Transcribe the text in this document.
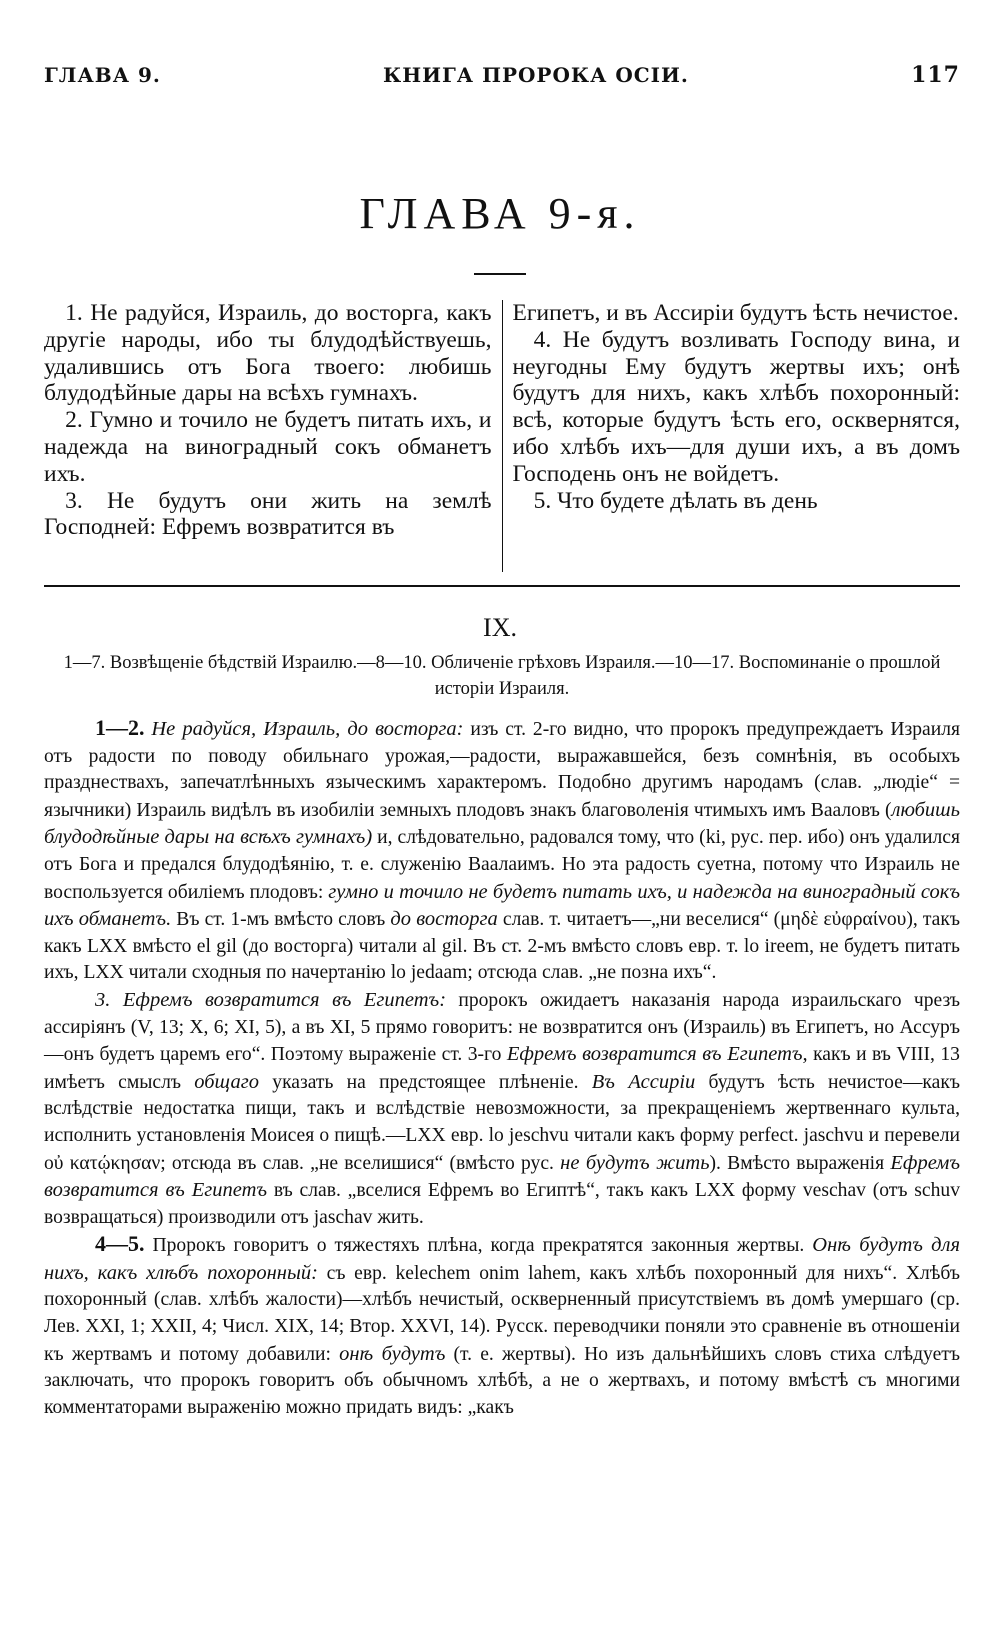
ГЛАВА 9.	КНИГА ПРОРОКА ОСІИ.	117
ГЛАВА 9-я.

1. Не радуйся, Израиль, до восторга, какъ другіе народы, ибо ты блудодѣйствуешь, удалившись отъ Бога твоего: любишь блудодѣйные дары на всѣхъ гумнахъ.

2. Гумно и точило не будетъ питать ихъ, и надежда на виноградный сокъ обманетъ ихъ.

3. Не будутъ они жить на землѣ Господней: Ефремъ возвратится въ

Египетъ, и въ Ассиріи будутъ ѣсть нечистое.

4. Не будутъ возливать Господу вина, и неугодны Ему будутъ жертвы ихъ; онѣ будутъ для нихъ, какъ хлѣбъ похоронный: всѣ, которые будутъ ѣсть его, осквернятся, ибо хлѣбъ ихъ—для души ихъ, а въ домъ Господень онъ не войдетъ.

5. Что будете дѣлать въ день

IX.
1—7. Возвѣщеніе бѣдствій Израилю.—8—10. Обличеніе грѣховъ Израиля.—10—17. Воспоминаніе о прошлой исторіи Израиля.

1—2. Не радуйся, Израиль, до восторга: изъ ст. 2-го видно, что пророкъ предупреждаетъ Израиля отъ радости по поводу обильнаго урожая,—радости, выражавшейся, безъ сомнѣнія, въ особыхъ празднествахъ, запечатлѣнныхъ языческимъ характеромъ. Подобно другимъ народамъ (слав. „людіе“ = язычники) Израиль видѣлъ въ изобиліи земныхъ плодовъ знакъ благоволенія чтимыхъ имъ Вааловъ (любишь блудодѣйные дары на всѣхъ гумнахъ) и, слѣдовательно, радовался тому, что (ki, рус. пер. ибо) онъ удалился отъ Бога и предался блудодѣянію, т. е. служенію Ваалаимъ. Но эта радость суетна, потому что Израиль не воспользуется обиліемъ плодовъ: гумно и точило не будетъ питать ихъ, и надежда на виноградный сокъ ихъ обманетъ. Въ ст. 1-мъ вмѣсто словъ до восторга слав. т. читаетъ—„ни веселися“ (μηδὲ εὐφραίνου), такъ какъ LXX вмѣсто el gil (до восторга) читали al gil. Въ ст. 2-мъ вмѣсто словъ евр. т. lo ireem, не будетъ питать ихъ, LXX читали сходныя по начертанію lo jedaam; отсюда слав. „не позна ихъ“.

3. Ефремъ возвратится въ Египетъ: пророкъ ожидаетъ наказанія народа израильскаго чрезъ ассиріянъ (V, 13; X, 6; XI, 5), а въ XI, 5 прямо говоритъ: не возвратится онъ (Израиль) въ Египетъ, но Ассуръ—онъ будетъ царемъ его“. Поэтому выраженіе ст. 3-го Ефремъ возвратится въ Египетъ, какъ и въ VIII, 13 имѣетъ смыслъ общаго указать на предстоящее плѣненіе. Въ Ассиріи будутъ ѣсть нечистое—какъ вслѣдствіе недостатка пищи, такъ и вслѣдствіе невозможности, за прекращеніемъ жертвеннаго культа, исполнить установленія Моисея о пищѣ.—LXX евр. lo jeschvu читали какъ форму perfect. jaschvu и перевели οὐ κατῴκησαν; отсюда въ слав. „не вселишися“ (вмѣсто рус. не будутъ жить). Вмѣсто выраженія Ефремъ возвратится въ Египетъ въ слав. „вселися Ефремъ во Египтѣ“, такъ какъ LXX форму veschav (отъ schuv возвращаться) производили отъ jaschav жить.

4—5. Пророкъ говоритъ о тяжестяхъ плѣна, когда прекратятся законныя жертвы. Онѣ будутъ для нихъ, какъ хлѣбъ похоронный: съ евр. kelechem onim lahem, какъ хлѣбъ похоронный для нихъ“. Хлѣбъ похоронный (слав. хлѣбъ жалости)—хлѣбъ нечистый, оскверненный присутствіемъ въ домѣ умершаго (ср. Лев. XXI, 1; XXII, 4; Числ. XIX, 14; Втор. XXVI, 14). Русск. переводчики поняли это сравненіе въ отношеніи къ жертвамъ и потому добавили: онѣ будутъ (т. е. жертвы). Но изъ дальнѣйшихъ словъ стиха слѣдуетъ заключать, что пророкъ говоритъ объ обычномъ хлѣбѣ, а не о жертвахъ, и потому вмѣстѣ съ многими комментаторами выраженію можно придать видъ: „какъ
